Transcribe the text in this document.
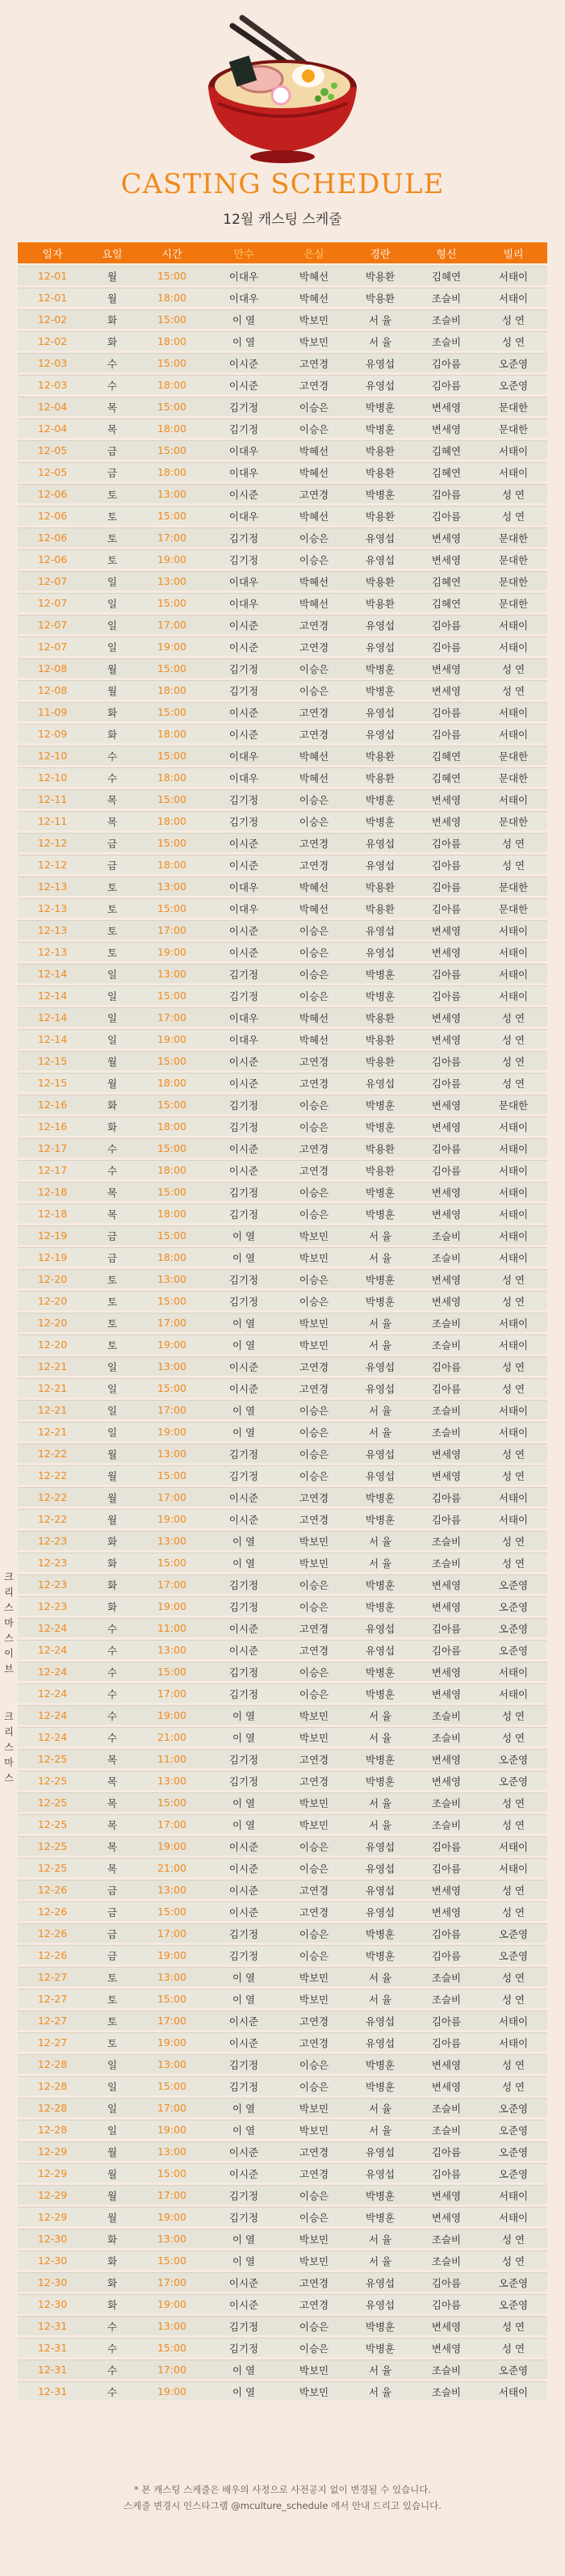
CASTING SCHEDULE
12월 캐스팅 스케줄
일자	요일	시간	만수	은실	경란	형신	빌리
12-01	월	15:00	이대우	박혜선	박용환	김혜연	서태이
12-01	월	18:00	이대우	박혜선	박용환	조슬비	서태이
12-02	화	15:00	이 열	박보민	서 율	조슬비	성 연
12-02	화	18:00	이 열	박보민	서 율	조슬비	성 연
12-03	수	15:00	이시준	고연경	유영섭	김아름	오준영
12-03	수	18:00	이시준	고연경	유영섭	김아름	오준영
12-04	목	15:00	김기정	이승은	박병훈	변세영	문대한
12-04	목	18:00	김기정	이승은	박병훈	변세영	문대한
12-05	금	15:00	이대우	박혜선	박용환	김혜연	서태이
12-05	금	18:00	이대우	박혜선	박용환	김혜연	서태이
12-06	토	13:00	이시준	고연경	박병훈	김아름	성 연
12-06	토	15:00	이대우	박혜선	박용환	김아름	성 연
12-06	토	17:00	김기정	이승은	유영섭	변세영	문대한
12-06	토	19:00	김기정	이승은	유영섭	변세영	문대한
12-07	일	13:00	이대우	박혜선	박용환	김혜연	문대한
12-07	일	15:00	이대우	박혜선	박용환	김혜연	문대한
12-07	일	17:00	이시준	고연경	유영섭	김아름	서태이
12-07	일	19:00	이시준	고연경	유영섭	김아름	서태이
12-08	월	15:00	김기정	이승은	박병훈	변세영	성 연
12-08	월	18:00	김기정	이승은	박병훈	변세영	성 연
11-09	화	15:00	이시준	고연경	유영섭	김아름	서태이
12-09	화	18:00	이시준	고연경	유영섭	김아름	서태이
12-10	수	15:00	이대우	박혜선	박용환	김혜연	문대한
12-10	수	18:00	이대우	박혜선	박용환	김혜연	문대한
12-11	목	15:00	김기정	이승은	박병훈	변세영	서태이
12-11	목	18:00	김기정	이승은	박병훈	변세영	문대한
12-12	금	15:00	이시준	고연경	유영섭	김아름	성 연
12-12	금	18:00	이시준	고연경	유영섭	김아름	성 연
12-13	토	13:00	이대우	박혜선	박용환	김아름	문대한
12-13	토	15:00	이대우	박혜선	박용환	김아름	문대한
12-13	토	17:00	이시준	이승은	유영섭	변세영	서태이
12-13	토	19:00	이시준	이승은	유영섭	변세영	서태이
12-14	일	13:00	김기정	이승은	박병훈	김아름	서태이
12-14	일	15:00	김기정	이승은	박병훈	김아름	서태이
12-14	일	17:00	이대우	박혜선	박용환	변세영	성 연
12-14	일	19:00	이대우	박혜선	박용환	변세영	성 연
12-15	월	15:00	이시준	고연경	박용환	김아름	성 연
12-15	월	18:00	이시준	고연경	유영섭	김아름	성 연
12-16	화	15:00	김기정	이승은	박병훈	변세영	문대한
12-16	화	18:00	김기정	이승은	박병훈	변세영	서태이
12-17	수	15:00	이시준	고연경	박용환	김아름	서태이
12-17	수	18:00	이시준	고연경	박용환	김아름	서태이
12-18	목	15:00	김기정	이승은	박병훈	변세영	서태이
12-18	목	18:00	김기정	이승은	박병훈	변세영	서태이
12-19	금	15:00	이 열	박보민	서 율	조슬비	서태이
12-19	금	18:00	이 열	박보민	서 율	조슬비	서태이
12-20	토	13:00	김기정	이승은	박병훈	변세영	성 연
12-20	토	15:00	김기정	이승은	박병훈	변세영	성 연
12-20	토	17:00	이 열	박보민	서 율	조슬비	서태이
12-20	토	19:00	이 열	박보민	서 율	조슬비	서태이
12-21	일	13:00	이시준	고연경	유영섭	김아름	성 연
12-21	일	15:00	이시준	고연경	유영섭	김아름	성 연
12-21	일	17:00	이 열	이승은	서 율	조슬비	서태이
12-21	일	19:00	이 열	이승은	서 율	조슬비	서태이
12-22	월	13:00	김기정	이승은	유영섭	변세영	성 연
12-22	월	15:00	김기정	이승은	유영섭	변세영	성 연
12-22	월	17:00	이시준	고연경	박병훈	김아름	서태이
12-22	월	19:00	이시준	고연경	박병훈	김아름	서태이
12-23	화	13:00	이 열	박보민	서 율	조슬비	성 연
12-23	화	15:00	이 열	박보민	서 율	조슬비	성 연
12-23	화	17:00	김기정	이승은	박병훈	변세영	오준영
12-23	화	19:00	김기정	이승은	박병훈	변세영	오준영
12-24	수	11:00	이시준	고연경	유영섭	김아름	오준영
12-24	수	13:00	이시준	고연경	유영섭	김아름	오준영
12-24	수	15:00	김기정	이승은	박병훈	변세영	서태이
12-24	수	17:00	김기정	이승은	박병훈	변세영	서태이
12-24	수	19:00	이 열	박보민	서 율	조슬비	성 연
12-24	수	21:00	이 열	박보민	서 율	조슬비	성 연
12-25	목	11:00	김기정	고연경	박병훈	변세영	오준영
12-25	목	13:00	김기정	고연경	박병훈	변세영	오준영
12-25	목	15:00	이 열	박보민	서 율	조슬비	성 연
12-25	목	17:00	이 열	박보민	서 율	조슬비	성 연
12-25	목	19:00	이시준	이승은	유영섭	김아름	서태이
12-25	목	21:00	이시준	이승은	유영섭	김아름	서태이
12-26	금	13:00	이시준	고연경	유영섭	변세영	성 연
12-26	금	15:00	이시준	고연경	유영섭	변세영	성 연
12-26	금	17:00	김기정	이승은	박병훈	김아름	오준영
12-26	금	19:00	김기정	이승은	박병훈	김아름	오준영
12-27	토	13:00	이 열	박보민	서 율	조슬비	성 연
12-27	토	15:00	이 열	박보민	서 율	조슬비	성 연
12-27	토	17:00	이시준	고연경	유영섭	김아름	서태이
12-27	토	19:00	이시준	고연경	유영섭	김아름	서태이
12-28	일	13:00	김기정	이승은	박병훈	변세영	성 연
12-28	일	15:00	김기정	이승은	박병훈	변세영	성 연
12-28	일	17:00	이 열	박보민	서 율	조슬비	오준영
12-28	일	19:00	이 열	박보민	서 율	조슬비	오준영
12-29	월	13:00	이시준	고연경	유영섭	김아름	오준영
12-29	월	15:00	이시준	고연경	유영섭	김아름	오준영
12-29	월	17:00	김기정	이승은	박병훈	변세영	서태이
12-29	월	19:00	김기정	이승은	박병훈	변세영	서태이
12-30	화	13:00	이 열	박보민	서 율	조슬비	성 연
12-30	화	15:00	이 열	박보민	서 율	조슬비	성 연
12-30	화	17:00	이시준	고연경	유영섭	김아름	오준영
12-30	화	19:00	이시준	고연경	유영섭	김아름	오준영
12-31	수	13:00	김기정	이승은	박병훈	변세영	성 연
12-31	수	15:00	김기정	이승은	박병훈	변세영	성 연
12-31	수	17:00	이 열	박보민	서 율	조슬비	오준영
12-31	수	19:00	이 열	박보민	서 율	조슬비	서태이
크
리
스
마
스
이
브
크
리
스
마
스
* 본 캐스팅 스케줄은 배우의 사정으로 사전공지 없이 변경될 수 있습니다.
스케줄 변경시 인스타그램 @mculture_schedule 에서 안내 드리고 있습니다.
